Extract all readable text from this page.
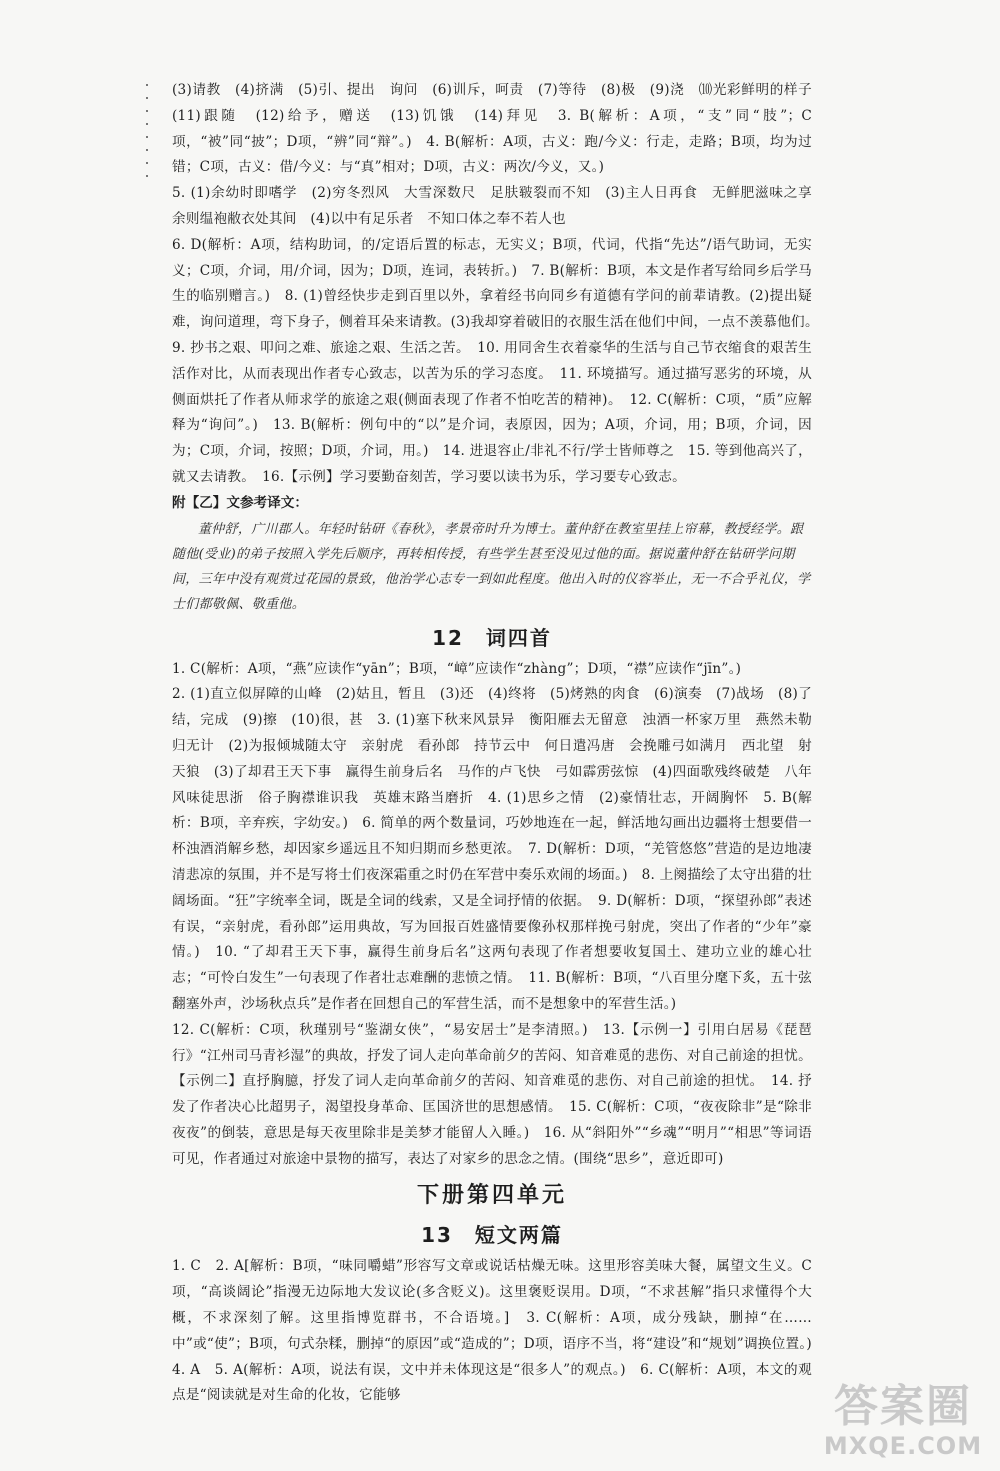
(3)请教　(4)挤满　(5)引、提出　询问　(6)训斥，呵责　(7)等待　(8)极　(9)浇　⑽光彩鲜明的样子　(11)跟随　(12)给予，赠送　(13)饥饿　(14)拜见　3. B(解析：A项，“支”同“肢”；C项，“被”同“披”；D项，“辨”同“辩”。)　4. B(解析：A项，古义：跑/今义：行走，走路；B项，均为过错；C项，古义：借/今义：与“真”相对；D项，古义：两次/今义，又。)

5. (1)余幼时即嗜学　(2)穷冬烈风　大雪深数尺　足肤皲裂而不知　(3)主人日再食　无鲜肥滋味之享　余则缊袍敝衣处其间　(4)以中有足乐者　不知口体之奉不若人也

6. D(解析：A项，结构助词，的/定语后置的标志，无实义；B项，代词，代指“先达”/语气助词，无实义；C项，介词，用/介词，因为；D项，连词，表转折。)　7. B(解析：B项，本文是作者写给同乡后学马生的临别赠言。)　8. (1)曾经快步走到百里以外，拿着经书向同乡有道德有学问的前辈请教。(2)提出疑难，询问道理，弯下身子，侧着耳朵来请教。(3)我却穿着破旧的衣服生活在他们中间，一点不羡慕他们。　9. 抄书之艰、叩问之难、旅途之艰、生活之苦。　10. 用同舍生衣着豪华的生活与自己节衣缩食的艰苦生活作对比，从而表现出作者专心致志，以苦为乐的学习态度。　11. 环境描写。通过描写恶劣的环境，从侧面烘托了作者从师求学的旅途之艰(侧面表现了作者不怕吃苦的精神)。　12. C(解析：C项，“质”应解释为“询问”。)　13. B(解析：例句中的“以”是介词，表原因，因为；A项，介词，用；B项，介词，因为；C项，介词，按照；D项，介词，用。)　14. 进退容止/非礼不行/学士皆师尊之　15. 等到他高兴了，就又去请教。　16.【示例】学习要勤奋刻苦，学习要以读书为乐，学习要专心致志。

附【乙】文参考译文：

董仲舒，广川郡人。年轻时钻研《春秋》，孝景帝时升为博士。董仲舒在教室里挂上帘幕，教授经学。跟随他(受业)的弟子按照入学先后顺序，再转相传授，有些学生甚至没见过他的面。据说董仲舒在钻研学问期间，三年中没有观赏过花园的景致，他治学心志专一到如此程度。他出入时的仪容举止，无一不合乎礼仪，学士们都敬佩、敬重他。

12　词四首

1. C(解析：A项，“燕”应读作“yān”；B项，“嶂”应读作“zhàng”；D项，“襟”应读作“jīn”。)

2. (1)直立似屏障的山峰　(2)姑且，暂且　(3)还　(4)终将　(5)烤熟的肉食　(6)演奏　(7)战场　(8)了结，完成　(9)擦　(10)很，甚　3. (1)塞下秋来风景异　衡阳雁去无留意　浊酒一杯家万里　燕然未勒归无计　(2)为报倾城随太守　亲射虎　看孙郎　持节云中　何日遣冯唐　会挽雕弓如满月　西北望　射天狼　(3)了却君王天下事　赢得生前身后名　马作的卢飞快　弓如霹雳弦惊　(4)四面歌残终破楚　八年风味徒思浙　俗子胸襟谁识我　英雄末路当磨折　4. (1)思乡之情　(2)豪情壮志，开阔胸怀　5. B(解析：B项，辛弃疾，字幼安。)　6. 简单的两个数量词，巧妙地连在一起，鲜活地勾画出边疆将士想要借一杯浊酒消解乡愁，却因家乡遥远且不知归期而乡愁更浓。　7. D(解析：D项，“羌管悠悠”营造的是边地凄清悲凉的氛围，并不是写将士们夜深霜重之时仍在军营中奏乐欢闹的场面。)　8. 上阕描绘了太守出猎的壮阔场面。“狂”字统率全词，既是全词的线索，又是全词抒情的依据。　9. D(解析：D项，“探望孙郎”表述有误，“亲射虎，看孙郎”运用典故，写为回报百姓盛情要像孙权那样挽弓射虎，突出了作者的“少年”豪情。)　10. “了却君王天下事，赢得生前身后名”这两句表现了作者想要收复国土、建功立业的雄心壮志；“可怜白发生”一句表现了作者壮志难酬的悲愤之情。　11. B(解析：B项，“八百里分麾下炙，五十弦翻塞外声，沙场秋点兵”是作者在回想自己的军营生活，而不是想象中的军营生活。)

12. C(解析：C项，秋瑾别号“鉴湖女侠”，“易安居士”是李清照。)　13.【示例一】引用白居易《琵琶行》“江州司马青衫湿”的典故，抒发了词人走向革命前夕的苦闷、知音难觅的悲伤、对自己前途的担忧。【示例二】直抒胸臆，抒发了词人走向革命前夕的苦闷、知音难觅的悲伤、对自己前途的担忧。　14. 抒发了作者决心比超男子，渴望投身革命、匡国济世的思想感情。　15. C(解析：C项，“夜夜除非”是“除非夜夜”的倒装，意思是每天夜里除非是美梦才能留人入睡。)　16. 从“斜阳外”“乡魂”“明月”“相思”等词语可见，作者通过对旅途中景物的描写，表达了对家乡的思念之情。(围绕“思乡”，意近即可)

下册第四单元
13　短文两篇

1. C　2. A[解析：B项，“味同嚼蜡”形容写文章或说话枯燥无味。这里形容美味大餐，属望文生义。C项，“高谈阔论”指漫无边际地大发议论(多含贬义)。这里褒贬误用。D项，“不求甚解”指只求懂得个大概，不求深刻了解。这里指博览群书，不合语境。]　3. C(解析：A项，成分残缺，删掉“在……中”或“使”；B项，句式杂糅，删掉“的原因”或“造成的”；D项，语序不当，将“建设”和“规划”调换位置。)　4. A　5. A(解析：A项，说法有误，文中并未体现这是“很多人”的观点。)　6. C(解析：A项，本文的观点是“阅读就是对生命的化妆，它能够	答案圈
MXQE.COM
